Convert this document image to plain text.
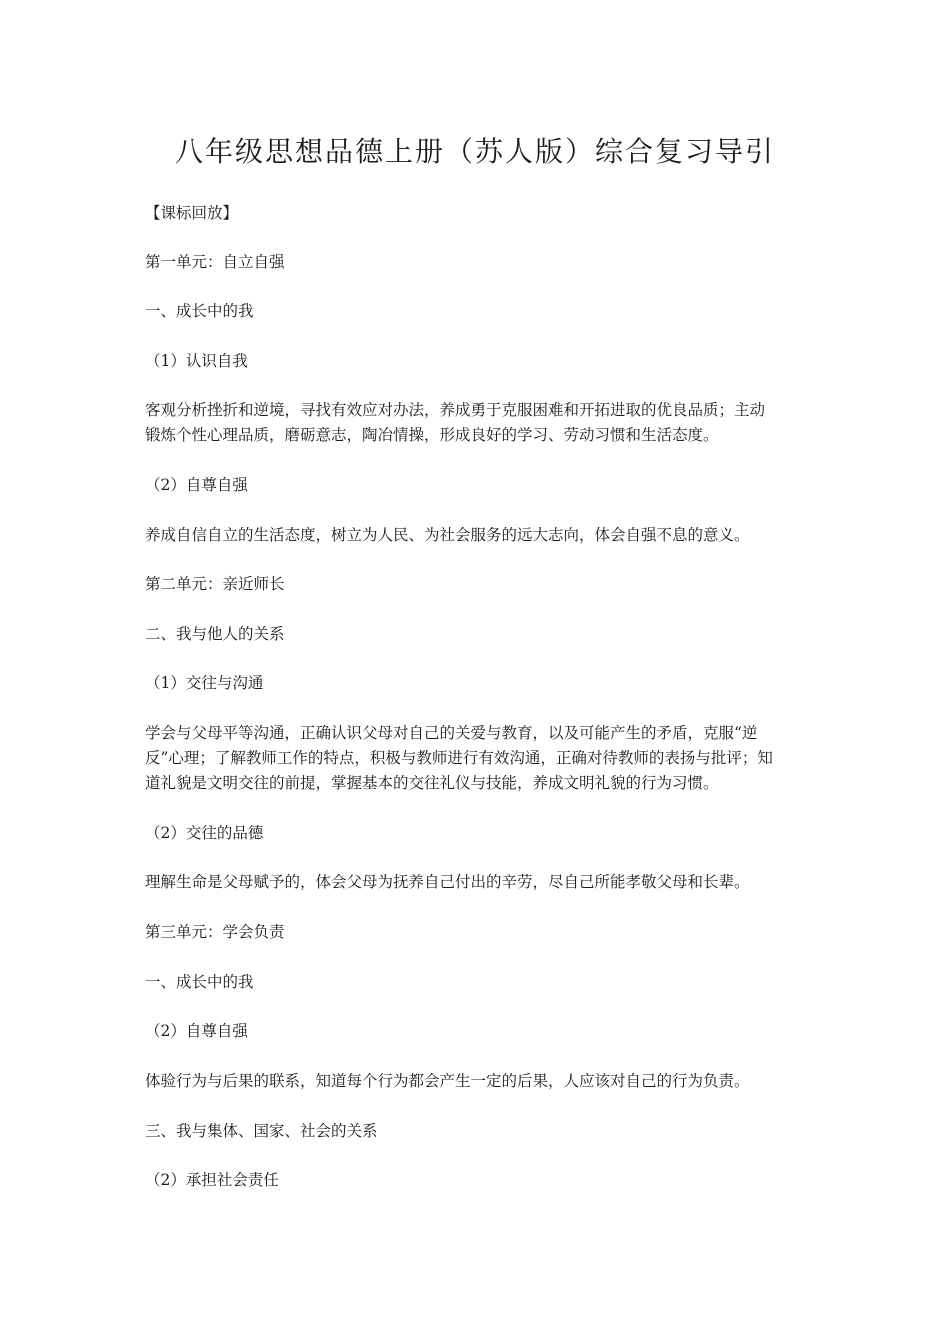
八年级思想品德上册（苏人版）综合复习导引

【课标回放】

第一单元：自立自强

一、成长中的我

（1）认识自我

客观分析挫折和逆境，寻找有效应对办法，养成勇于克服困难和开拓进取的优良品质；主动
锻炼个性心理品质，磨砺意志，陶冶情操，形成良好的学习、劳动习惯和生活态度。

（2）自尊自强

养成自信自立的生活态度，树立为人民、为社会服务的远大志向，体会自强不息的意义。

第二单元：亲近师长

二、我与他人的关系

（1）交往与沟通

学会与父母平等沟通，正确认识父母对自己的关爱与教育，以及可能产生的矛盾，克服“逆
反”心理；了解教师工作的特点，积极与教师进行有效沟通，正确对待教师的表扬与批评；知
道礼貌是文明交往的前提，掌握基本的交往礼仪与技能，养成文明礼貌的行为习惯。

（2）交往的品德

理解生命是父母赋予的，体会父母为抚养自己付出的辛劳，尽自己所能孝敬父母和长辈。

第三单元：学会负责

一、成长中的我

（2）自尊自强

体验行为与后果的联系，知道每个行为都会产生一定的后果，人应该对自己的行为负责。

三、我与集体、国家、社会的关系

（2）承担社会责任
